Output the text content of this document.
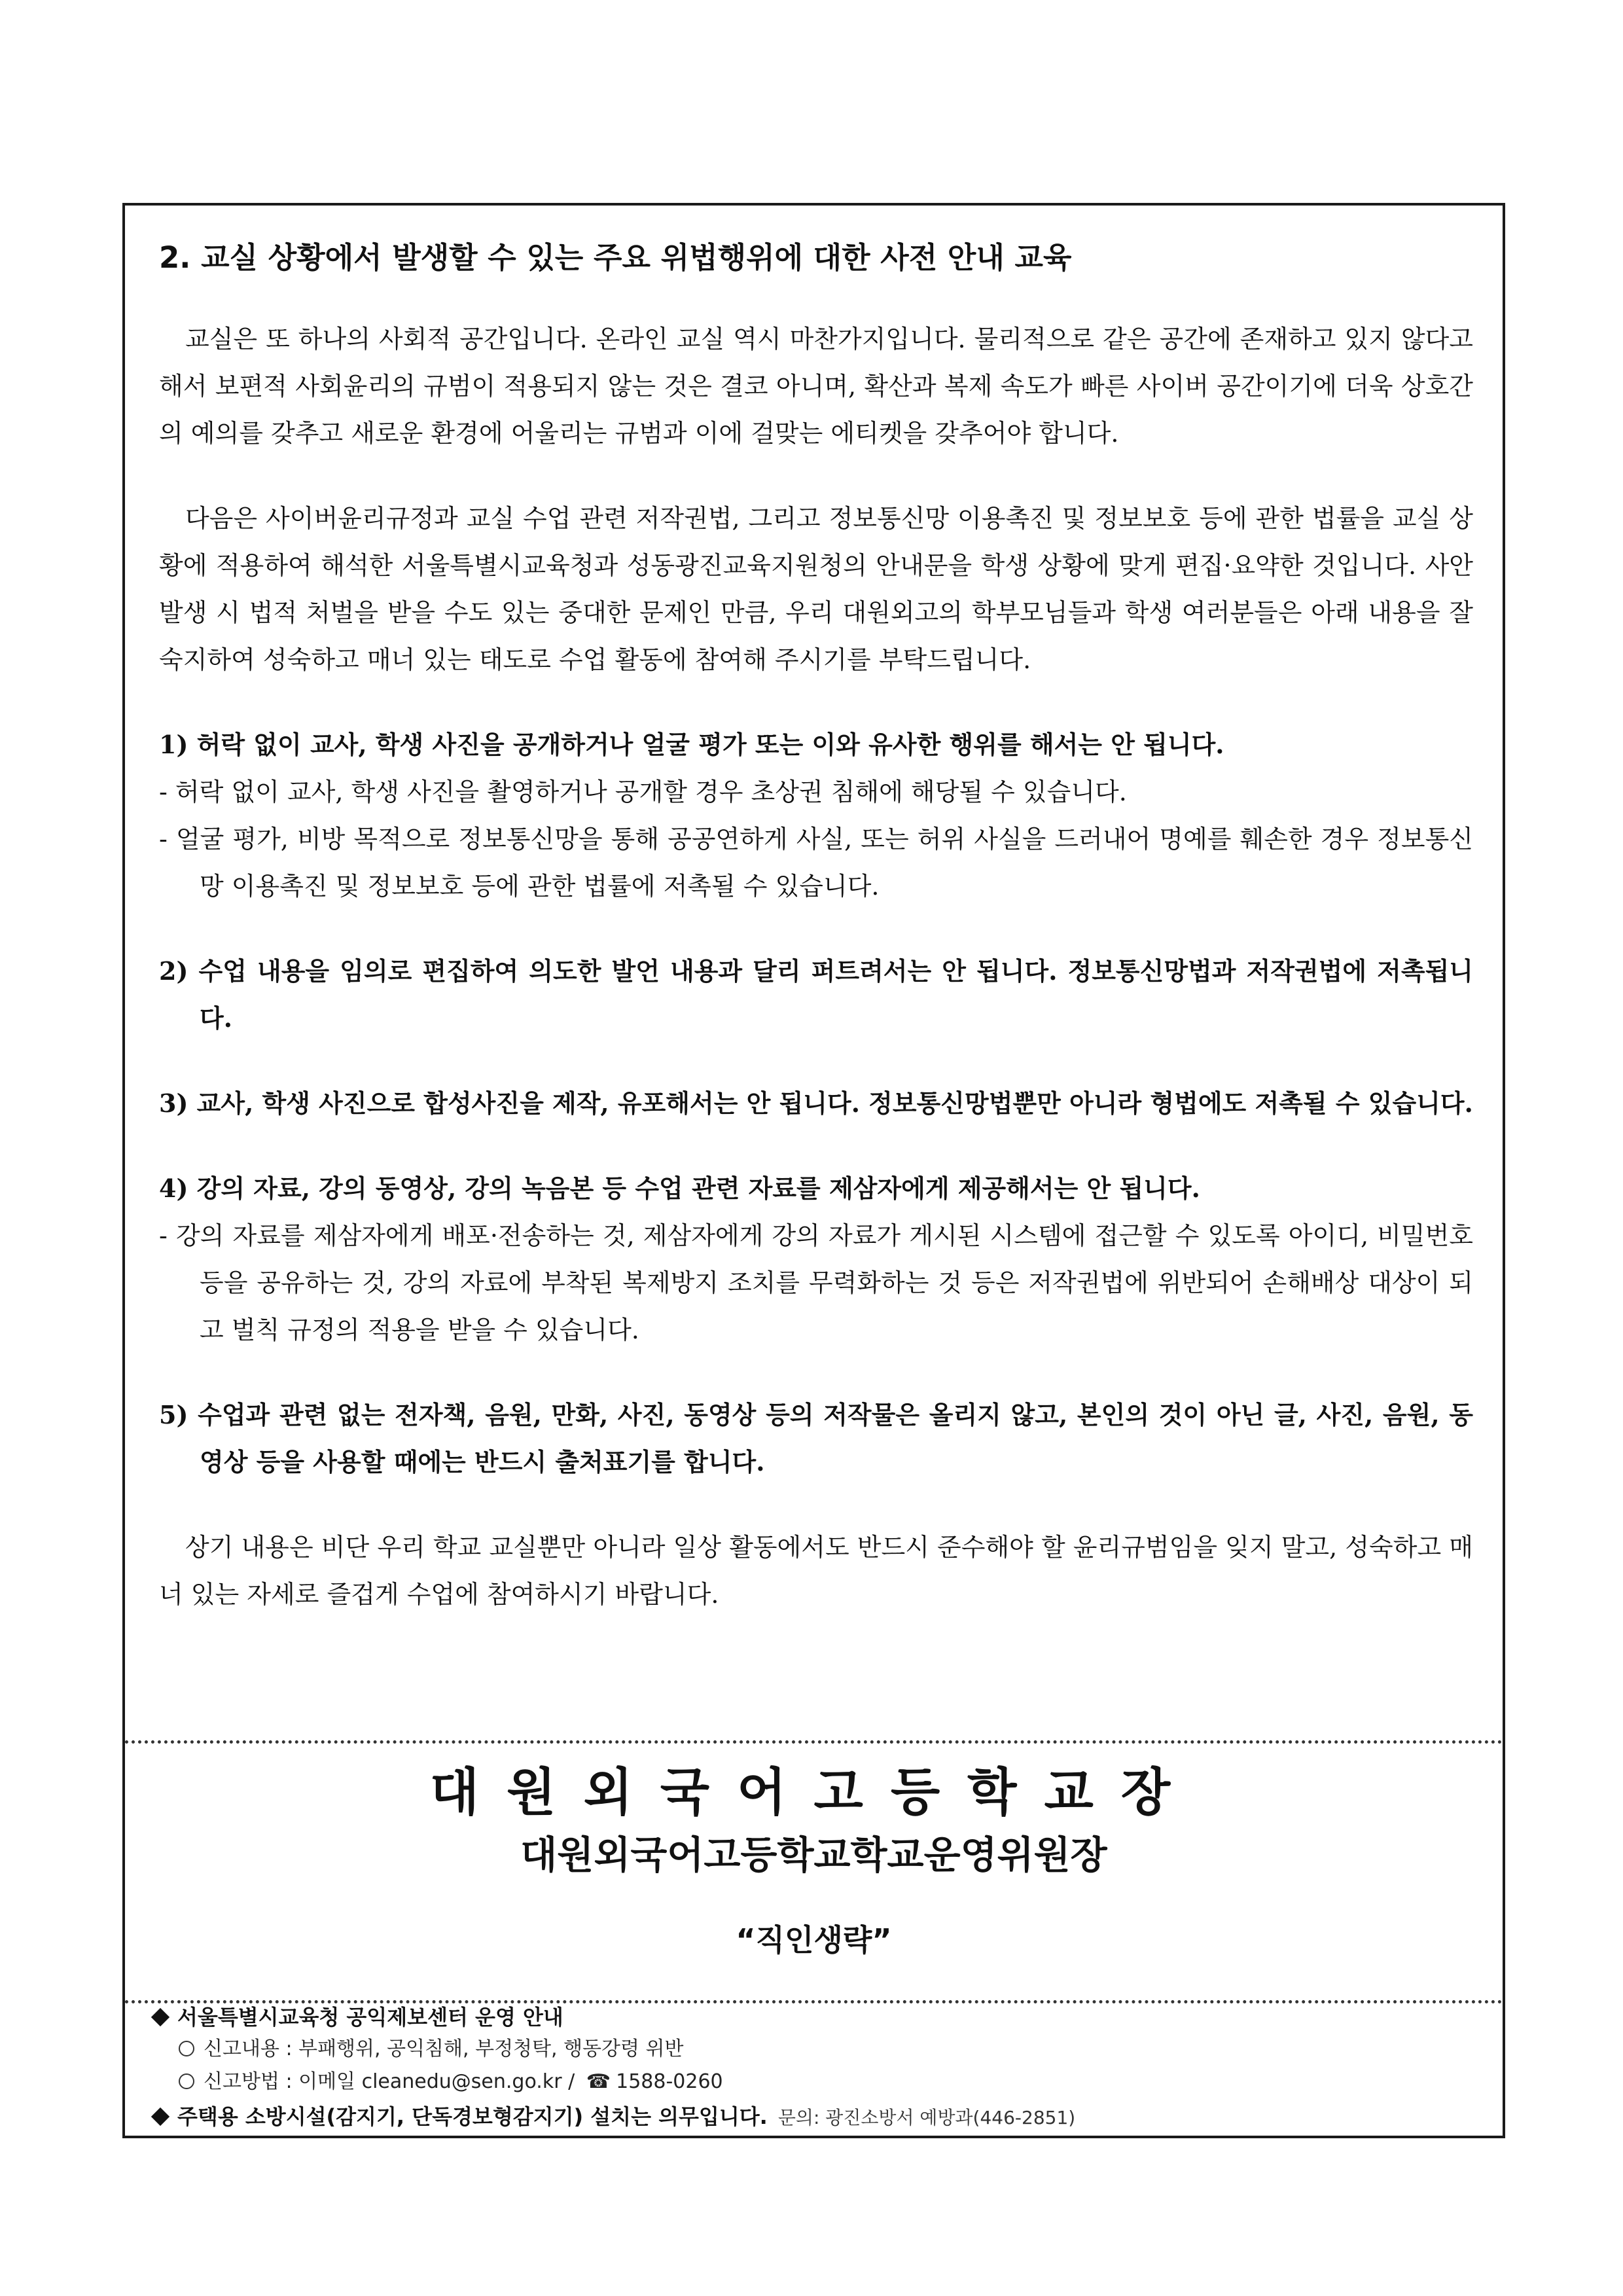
2. 교실 상황에서 발생할 수 있는 주요 위법행위에 대한 사전 안내 교육

교실은 또 하나의 사회적 공간입니다. 온라인 교실 역시 마찬가지입니다. 물리적으로 같은 공간에 존재하고 있지 않다고 해서 보편적 사회윤리의 규범이 적용되지 않는 것은 결코 아니며, 확산과 복제 속도가 빠른 사이버 공간이기에 더욱 상호간의 예의를 갖추고 새로운 환경에 어울리는 규범과 이에 걸맞는 에티켓을 갖추어야 합니다.

다음은 사이버윤리규정과 교실 수업 관련 저작권법, 그리고 정보통신망 이용촉진 및 정보보호 등에 관한 법률을 교실 상황에 적용하여 해석한 서울특별시교육청과 성동광진교육지원청의 안내문을 학생 상황에 맞게 편집·요약한 것입니다. 사안 발생 시 법적 처벌을 받을 수도 있는 중대한 문제인 만큼, 우리 대원외고의 학부모님들과 학생 여러분들은 아래 내용을 잘 숙지하여 성숙하고 매너 있는 태도로 수업 활동에 참여해 주시기를 부탁드립니다.

1) 허락 없이 교사, 학생 사진을 공개하거나 얼굴 평가 또는 이와 유사한 행위를 해서는 안 됩니다.

- 허락 없이 교사, 학생 사진을 촬영하거나 공개할 경우 초상권 침해에 해당될 수 있습니다.

- 얼굴 평가, 비방 목적으로 정보통신망을 통해 공공연하게 사실, 또는 허위 사실을 드러내어 명예를 훼손한 경우 정보통신망 이용촉진 및 정보보호 등에 관한 법률에 저촉될 수 있습니다.

2) 수업 내용을 임의로 편집하여 의도한 발언 내용과 달리 퍼트려서는 안 됩니다. 정보통신망법과 저작권법에 저촉됩니다.

3) 교사, 학생 사진으로 합성사진을 제작, 유포해서는 안 됩니다. 정보통신망법뿐만 아니라 형법에도 저촉될 수 있습니다.

4) 강의 자료, 강의 동영상, 강의 녹음본 등 수업 관련 자료를 제삼자에게 제공해서는 안 됩니다.

- 강의 자료를 제삼자에게 배포·전송하는 것, 제삼자에게 강의 자료가 게시된 시스템에 접근할 수 있도록 아이디, 비밀번호 등을 공유하는 것, 강의 자료에 부착된 복제방지 조치를 무력화하는 것 등은 저작권법에 위반되어 손해배상 대상이 되고 벌칙 규정의 적용을 받을 수 있습니다.

5) 수업과 관련 없는 전자책, 음원, 만화, 사진, 동영상 등의 저작물은 올리지 않고, 본인의 것이 아닌 글, 사진, 음원, 동영상 등을 사용할 때에는 반드시 출처표기를 합니다.

상기 내용은 비단 우리 학교 교실뿐만 아니라 일상 활동에서도 반드시 준수해야 할 윤리규범임을 잊지 말고, 성숙하고 매너 있는 자세로 즐겁게 수업에 참여하시기 바랍니다.

대원외국어고등학교장
대원외국어고등학교학교운영위원장
“직인생략”
서울특별시교육청 공익제보센터 운영 안내
신고내용 : 부패행위, 공익침해, 부정청탁, 행동강령 위반
신고방법 : 이메일 cleanedu@sen.go.kr / ☎ 1588-0260
주택용 소방시설(감지기, 단독경보형감지기) 설치는 의무입니다. 문의: 광진소방서 예방과(446-2851)
